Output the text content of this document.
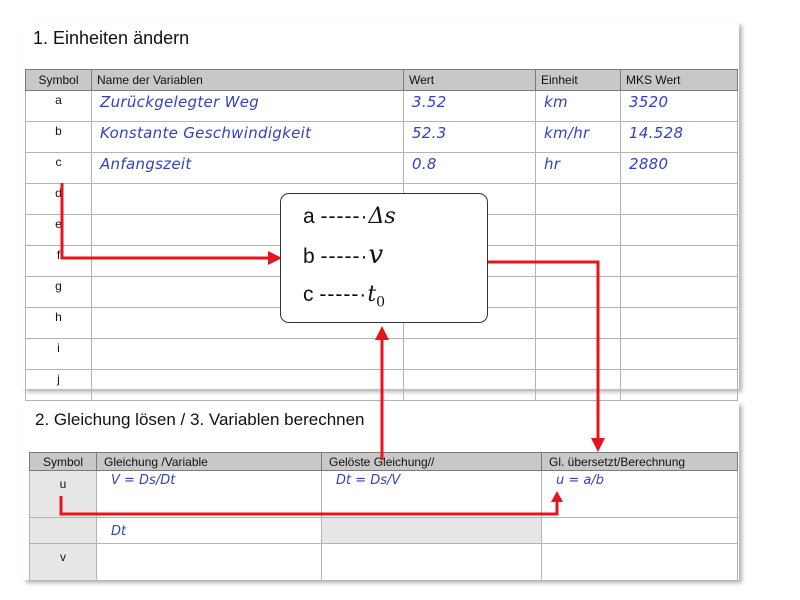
1. Einheiten ändern
Symbol	Name der Variablen	Wert	Einheit	MKS Wert
a	Zurückgelegter Weg	3.52	km	3520
b	Konstante Geschwindigkeit	52.3	km/hr	14.528
c	Anfangszeit	0.8	hr	2880
d				
e				
f				
g				
h				
i				
j				
2. Gleichung lösen / 3. Variablen berechnen
Symbol	Gleichung /Variable	Gelöste Gleichung//	Gl. übersetzt/Berechnung
u	V = Ds/Dt	Dt = Ds/V	u = a/b
	Dt		
v			
a -----·Δs
b -----·v
c $-----\cdot t_0$
